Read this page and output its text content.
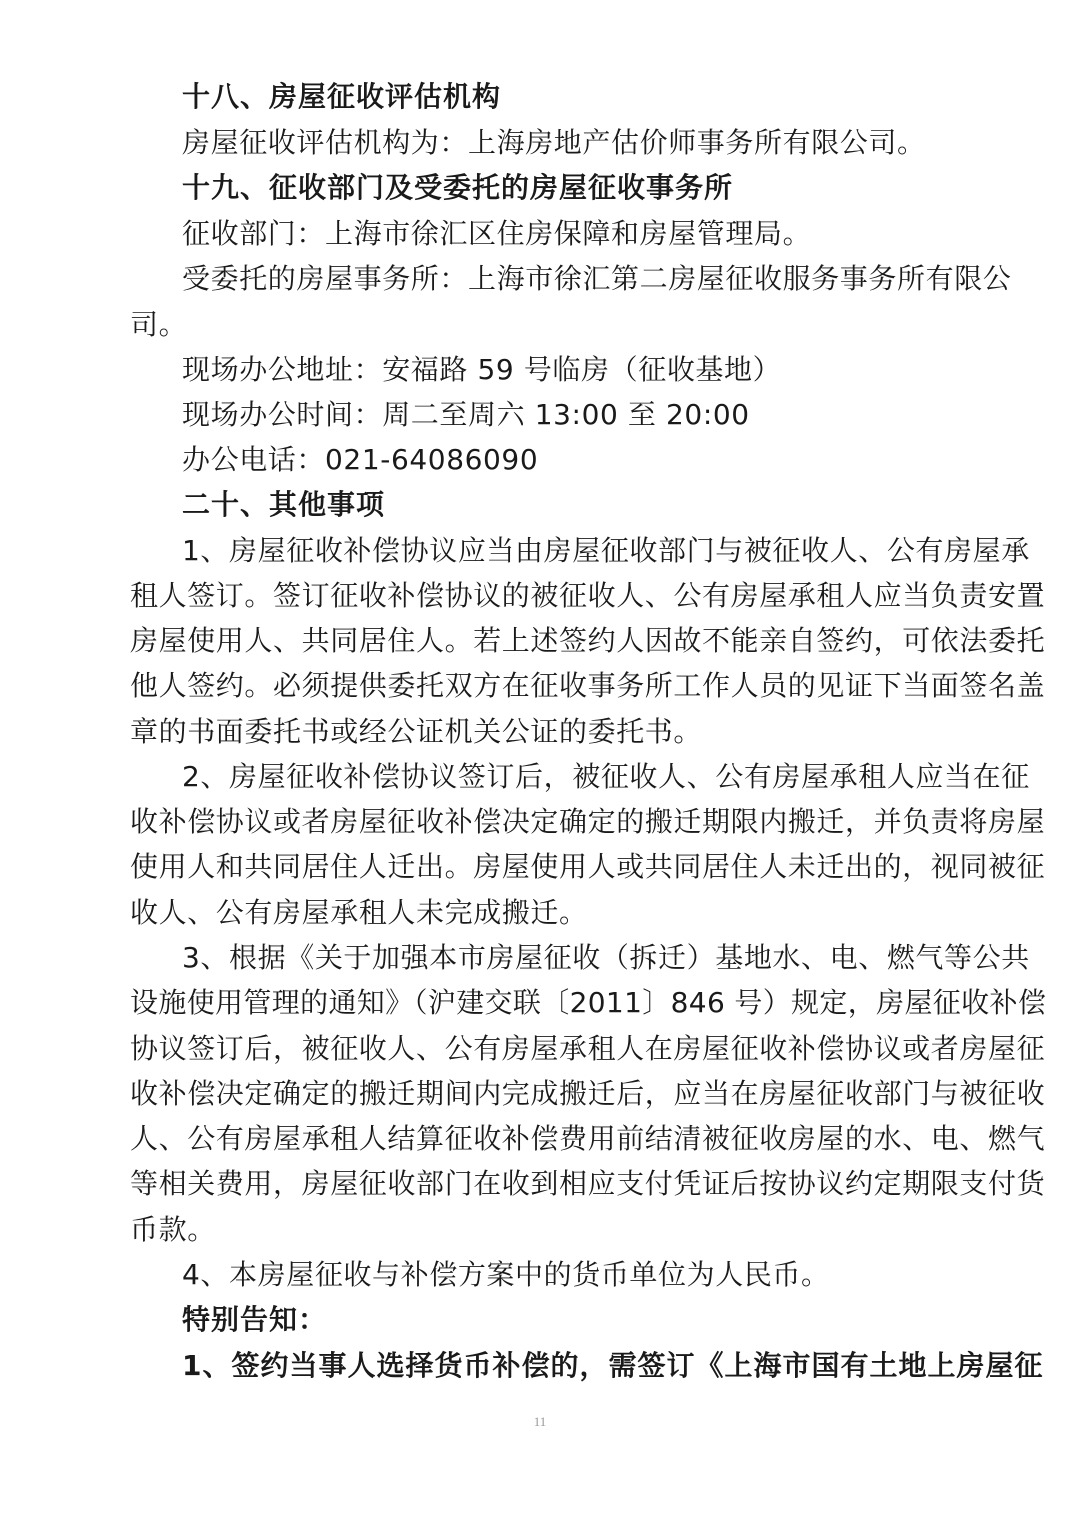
十八、房屋征收评估机构
房屋征收评估机构为：上海房地产估价师事务所有限公司。
十九、征收部门及受委托的房屋征收事务所
征收部门：上海市徐汇区住房保障和房屋管理局。
受委托的房屋事务所：上海市徐汇第二房屋征收服务事务所有限公
司。
现场办公地址：安福路 59 号临房（征收基地）
现场办公时间：周二至周六 13:00 至 20:00
办公电话：021-64086090
二十、其他事项
1、房屋征收补偿协议应当由房屋征收部门与被征收人、公有房屋承
租人签订。签订征收补偿协议的被征收人、公有房屋承租人应当负责安置
房屋使用人、共同居住人。若上述签约人因故不能亲自签约，可依法委托
他人签约。必须提供委托双方在征收事务所工作人员的见证下当面签名盖
章的书面委托书或经公证机关公证的委托书。
2、房屋征收补偿协议签订后，被征收人、公有房屋承租人应当在征
收补偿协议或者房屋征收补偿决定确定的搬迁期限内搬迁，并负责将房屋
使用人和共同居住人迁出。房屋使用人或共同居住人未迁出的，视同被征
收人、公有房屋承租人未完成搬迁。
3、根据《关于加强本市房屋征收（拆迁）基地水、电、燃气等公共
设施使用管理的通知》（沪建交联〔2011〕846 号）规定，房屋征收补偿
协议签订后，被征收人、公有房屋承租人在房屋征收补偿协议或者房屋征
收补偿决定确定的搬迁期间内完成搬迁后，应当在房屋征收部门与被征收
人、公有房屋承租人结算征收补偿费用前结清被征收房屋的水、电、燃气
等相关费用，房屋征收部门在收到相应支付凭证后按协议约定期限支付货
币款。
4、本房屋征收与补偿方案中的货币单位为人民币。
特别告知：
1、签约当事人选择货币补偿的，需签订《上海市国有土地上房屋征
11
